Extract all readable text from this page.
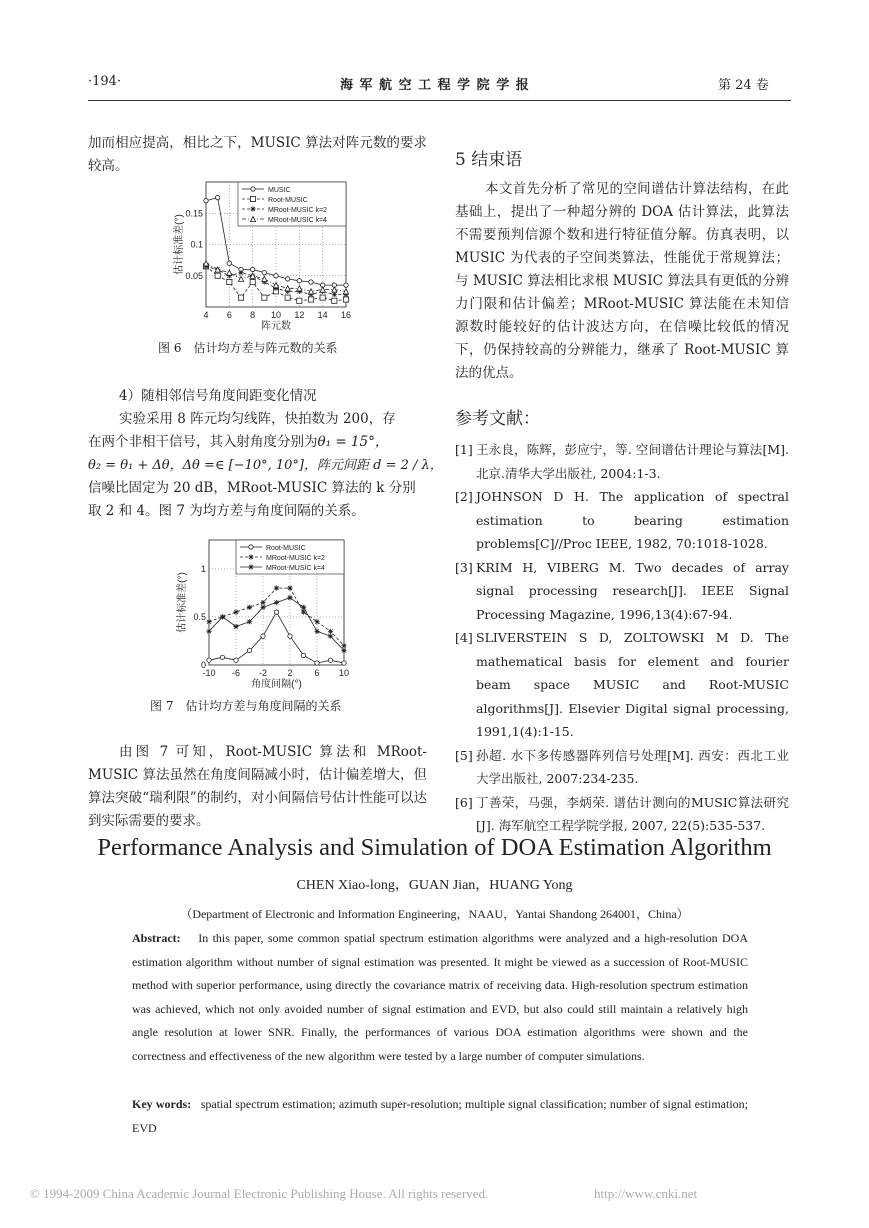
·194·	海 军 航 空 工 程 学 院 学 报	第 24 卷
加而相应提高，相比之下，MUSIC 算法对阵元数的要求较高。
4 6 8 10 12 14 16
0.05
0.1
0.15
阵元数
估计标准差(°)
MUSIC
Root-MUSIC
MRoot-MUSIC k=2
MRoot-MUSIC k=4
图 6　估计均方差与阵元数的关系
4）随相邻信号角度间距变化情况
实验采用 8 阵元均匀线阵，快拍数为 200，存
在两个非相干信号，其入射角度分别为θ₁ = 15°，
θ₂ = θ₁ + Δθ，Δθ =∈ [−10°, 10°]，阵元间距 d = 2 / λ，
信噪比固定为 20 dB，MRoot-MUSIC 算法的 k 分别
取 2 和 4。图 7 为均方差与角度间隔的关系。
-10 -6 -2 2 6 10
0
0.5
1
角度间隔(°)
估计标准差(°)
Root-MUSIC
MRoot-MUSIC k=2
MRoot-MUSIC k=4
图 7　估计均方差与角度间隔的关系
由图 7 可知，Root-MUSIC 算法和 MRoot-MUSIC 算法虽然在角度间隔减小时，估计偏差增大，但算法突破“瑞利限”的制约，对小间隔信号估计性能可以达到实际需要的要求。
5 结束语
本文首先分析了常见的空间谱估计算法结构，在此基础上，提出了一种超分辨的 DOA 估计算法，此算法不需要预判信源个数和进行特征值分解。仿真表明，以 MUSIC 为代表的子空间类算法，性能优于常规算法；与 MUSIC 算法相比求根 MUSIC 算法具有更低的分辨力门限和估计偏差；MRoot-MUSIC 算法能在未知信源数时能较好的估计波达方向，在信噪比较低的情况下，仍保持较高的分辨能力，继承了 Root-MUSIC 算法的优点。
参考文献：
[1] 王永良，陈辉，彭应宁，等. 空间谱估计理论与算法[M]. 北京.清华大学出版社, 2004:1-3.
[2] JOHNSON D H. The application of spectral estimation to bearing estimation problems[C]//Proc IEEE, 1982, 70:1018-1028.
[3] KRIM H, VIBERG M. Two decades of array signal processing research[J]. IEEE Signal Processing Magazine, 1996,13(4):67-94.
[4] SLIVERSTEIN S D, ZOLTOWSKI M D. The mathematical basis for element and fourier beam space MUSIC and Root-MUSIC algorithms[J]. Elsevier Digital signal processing, 1991,1(4):1-15.
[5] 孙超. 水下多传感器阵列信号处理[M]. 西安：西北工业大学出版社, 2007:234-235.
[6] 丁善荣，马强，李炳荣. 谱估计测向的MUSIC算法研究[J]. 海军航空工程学院学报, 2007, 22(5):535-537.
Performance Analysis and Simulation of DOA Estimation Algorithm
CHEN Xiao-long，GUAN Jian，HUANG Yong
（Department of Electronic and Information Engineering，NAAU，Yantai Shandong 264001，China）
Abstract: In this paper, some common spatial spectrum estimation algorithms were analyzed and a high-resolution DOA estimation algorithm without number of signal estimation was presented. It might be viewed as a succession of Root-MUSIC method with superior performance, using directly the covariance matrix of receiving data. High-resolution spectrum estimation was achieved, which not only avoided number of signal estimation and EVD, but also could still maintain a relatively high angle resolution at lower SNR. Finally, the performances of various DOA estimation algorithms were shown and the correctness and effectiveness of the new algorithm were tested by a large number of computer simulations.
Key words: spatial spectrum estimation; azimuth super-resolution; multiple signal classification; number of signal estimation; EVD
© 1994-2009 China Academic Journal Electronic Publishing House. All rights reserved.	http://www.cnki.net
